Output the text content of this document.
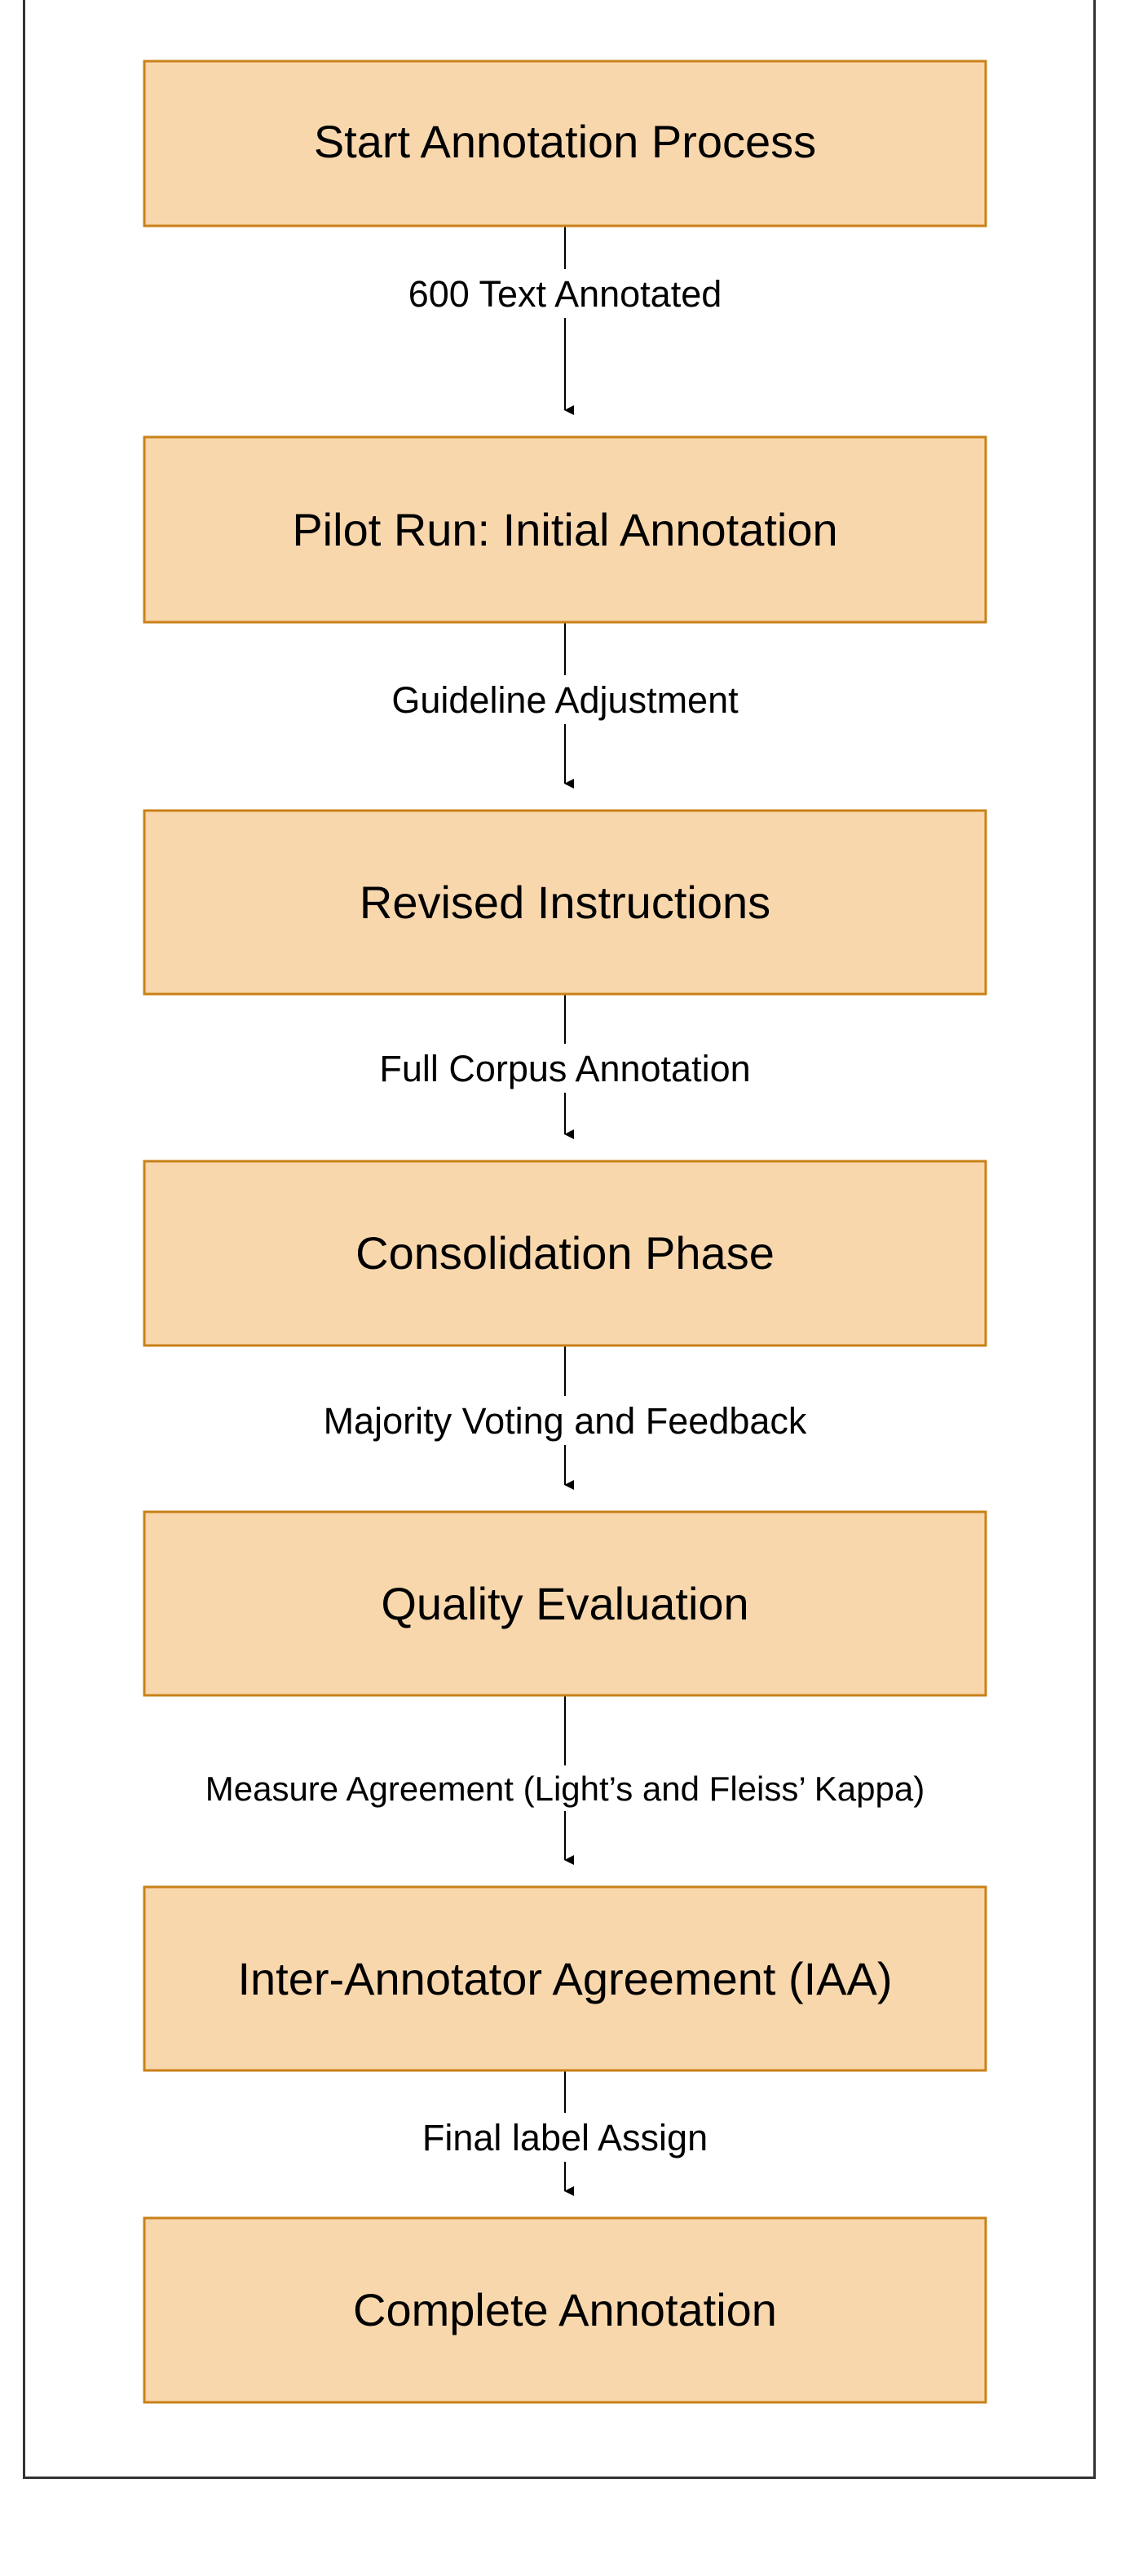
600 Text Annotated
Guideline Adjustment
Full Corpus Annotation
Majority Voting and Feedback
Measure Agreement (Light’s and Fleiss’ Kappa)
Final label Assign
Start Annotation Process
Pilot Run: Initial Annotation
Revised Instructions
Consolidation Phase
Quality Evaluation
Inter-Annotator Agreement (IAA)
Complete Annotation
